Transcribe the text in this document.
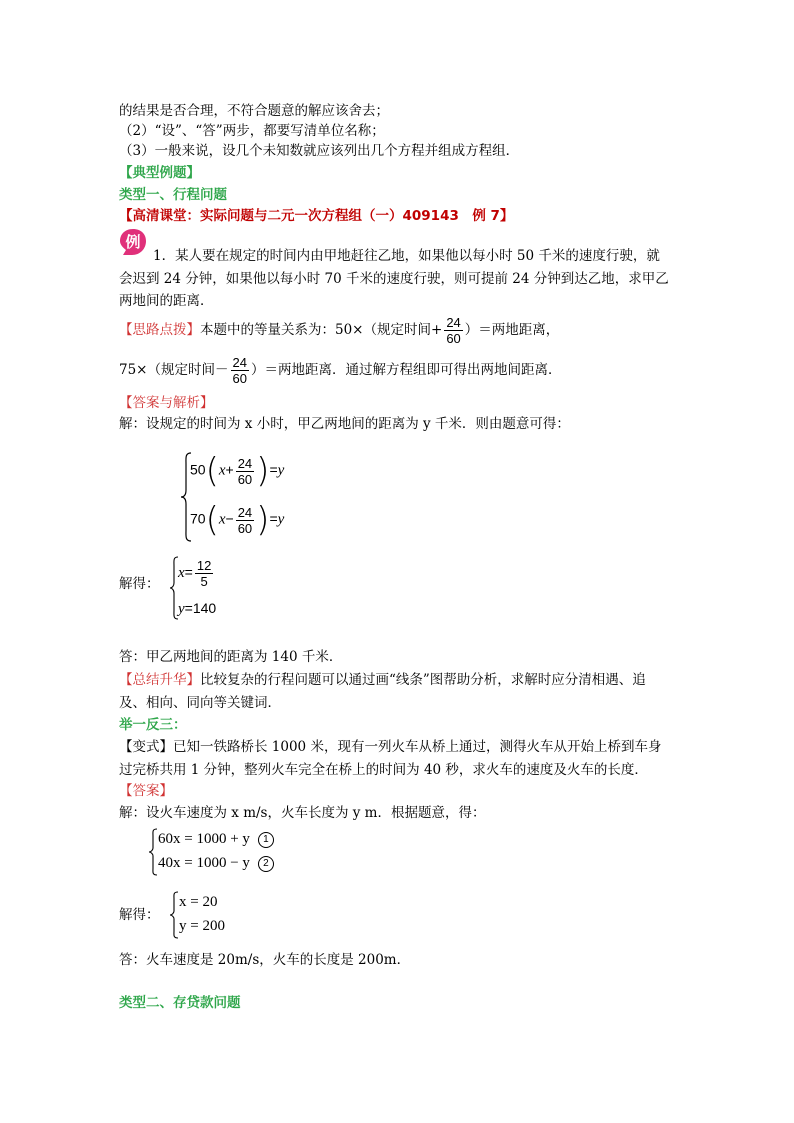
的结果是否合理，不符合题意的解应该舍去；
（2）“设”、“答”两步，都要写清单位名称；
（3）一般来说，设几个未知数就应该列出几个方程并组成方程组．
【典型例题】
类型一、行程问题
【高清课堂：实际问题与二元一次方程组（一）409143　例 7】
例
1．某人要在规定的时间内由甲地赶往乙地，如果他以每小时 50 千米的速度行驶，就
会迟到 24 分钟，如果他以每小时 70 千米的速度行驶，则可提前 24 分钟到达乙地，求甲乙
两地间的距离．
【思路点拨】本题中的等量关系为：50×（规定时间+ $\frac{24}{60}$ ）＝两地距离，
75×（规定时间－ $\frac{24}{60}$ ）＝两地距离．通过解方程组即可得出两地间距离．
【答案与解析】
解：设规定的时间为 x 小时，甲乙两地间的距离为 y 千米．则由题意可得：
$50(x+ \frac{24}{60} )=y$
$70(x- \frac{24}{60} )=y$
解得：
$x= \frac{12}{5}$
y=140
答：甲乙两地间的距离为 140 千米．
【总结升华】比较复杂的行程问题可以通过画“线条”图帮助分析，求解时应分清相遇、追
及、相向、同向等关键词．
举一反三：
【变式】已知一铁路桥长 1000 米，现有一列火车从桥上通过，测得火车从开始上桥到车身
过完桥共用 1 分钟，整列火车完全在桥上的时间为 40 秒，求火车的速度及火车的长度．
【答案】
解：设火车速度为 x m/s，火车长度为 y m．根据题意，得：
60x = 1000 + y 1
40x = 1000 − y 2
解得：
x = 20
y = 200
答：火车速度是 20m/s，火车的长度是 200m．
类型二、存贷款问题
